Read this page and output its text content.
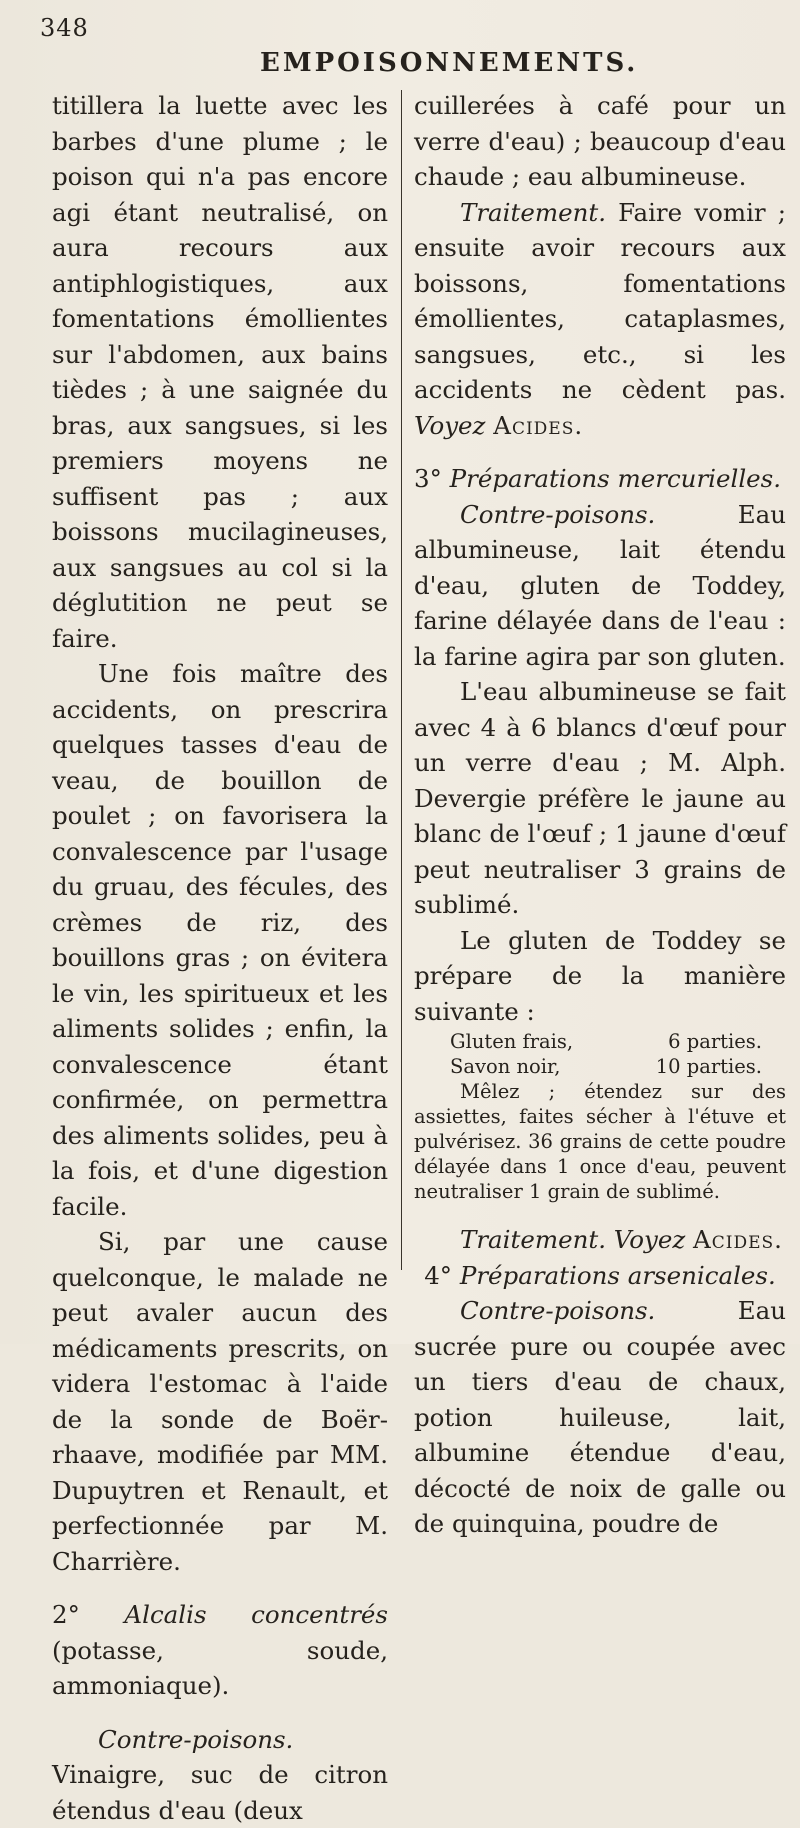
348
EMPOISONNEMENTS.

titillera la luette avec les barbes d'une plume ; le poison qui n'a pas encore agi étant neutralisé, on aura recours aux antiphlogistiques, aux fomentations émollientes sur l'abdomen, aux bains tièdes ; à une saignée du bras, aux sangsues, si les premiers moyens ne suffisent pas ; aux boissons mucilagineuses, aux sangsues au col si la déglutition ne peut se faire.

Une fois maître des accidents, on prescrira quelques tasses d'eau de veau, de bouillon de poulet ; on favorisera la convalescence par l'usage du gruau, des fécules, des crèmes de riz, des bouillons gras ; on évitera le vin, les spiritueux et les aliments solides ; enfin, la convalescence étant confirmée, on permettra des aliments solides, peu à la fois, et d'une digestion facile.

Si, par une cause quelconque, le malade ne peut avaler aucun des médicaments prescrits, on videra l'estomac à l'aide de la sonde de Boër-rhaave, modifiée par MM. Dupuytren et Renault, et perfectionnée par M. Charrière.

2° Alcalis concentrés (potasse, soude, ammoniaque).

Contre-poisons. Vinaigre, suc de citron étendus d'eau (deux

cuillerées à café pour un verre d'eau) ; beaucoup d'eau chaude ; eau albumineuse.

Traitement. Faire vomir ; ensuite avoir recours aux boissons, fomentations émollientes, cataplasmes, sangsues, etc., si les accidents ne cèdent pas. Voyez Acides.

3° Préparations mercurielles.

Contre-poisons.	Eau albumineuse, lait étendu d'eau, gluten de Toddey, farine délayée dans de l'eau : la farine agira par son gluten.

L'eau albumineuse se fait avec 4 à 6 blancs d'œuf pour un verre d'eau ; M. Alph. Devergie préfère le jaune au blanc de l'œuf ; 1 jaune d'œuf peut neutraliser 3 grains de sublimé.

Le gluten de Toddey se prépare de la manière suivante :

Gluten frais,	6 parties.
Savon noir,	10 parties.

Mêlez ; étendez sur des assiettes, faites sécher à l'étuve et pulvérisez. 36 grains de cette poudre délayée dans 1 once d'eau, peuvent neutraliser 1 grain de sublimé.

Traitement. Voyez Acides.

4° Préparations arsenicales.

Contre-poisons.	Eau sucrée pure ou coupée avec un tiers d'eau de chaux, potion huileuse, lait, albumine étendue d'eau, décocté de noix de galle ou de quinquina, poudre de
